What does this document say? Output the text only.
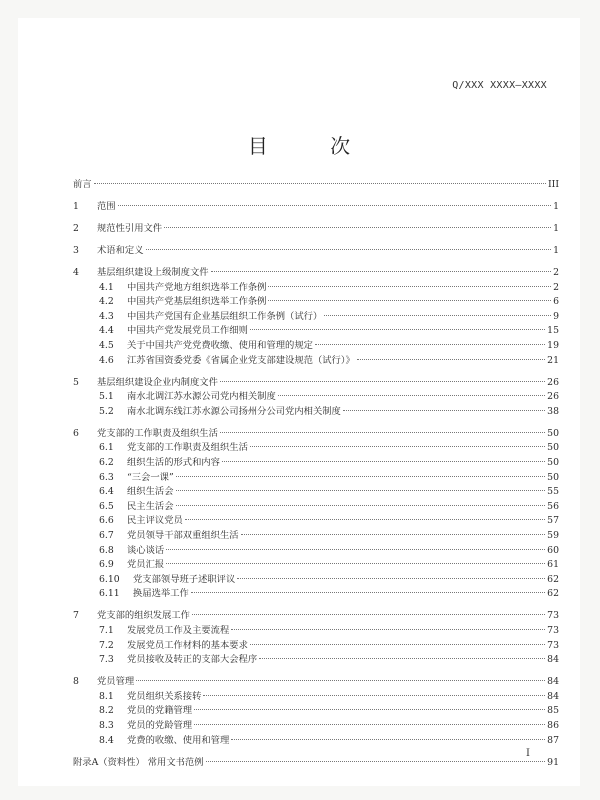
Q/XXX XXXX—XXXX
目 次
前言	III
1	范围	1
2	规范性引用文件	1
3	术语和定义	1
4	基层组织建设上级制度文件	2
4.1	中国共产党地方组织选举工作条例	2
4.2	中国共产党基层组织选举工作条例	6
4.3	中国共产党国有企业基层组织工作条例（试行）	9
4.4	中国共产党发展党员工作细则	15
4.5	关于中国共产党党费收缴、使用和管理的规定	19
4.6	江苏省国资委党委《省属企业党支部建设规范（试行）》	21
5	基层组织建设企业内制度文件	26
5.1	南水北调江苏水源公司党内相关制度	26
5.2	南水北调东线江苏水源公司扬州分公司党内相关制度	38
6	党支部的工作职责及组织生活	50
6.1	党支部的工作职责及组织生活	50
6.2	组织生活的形式和内容	50
6.3	“三会一课”	50
6.4	组织生活会	55
6.5	民主生活会	56
6.6	民主评议党员	57
6.7	党员领导干部双重组织生活	59
6.8	谈心谈话	60
6.9	党员汇报	61
6.10	党支部领导班子述职评议	62
6.11	换届选举工作	62
7	党支部的组织发展工作	73
7.1	发展党员工作及主要流程	73
7.2	发展党员工作材料的基本要求	73
7.3	党员接收及转正的支部大会程序	84
8	党员管理	84
8.1	党员组织关系接转	84
8.2	党员的党籍管理	85
8.3	党员的党龄管理	86
8.4	党费的收缴、使用和管理	87
附录A（资料性） 常用文书范例	91
I
